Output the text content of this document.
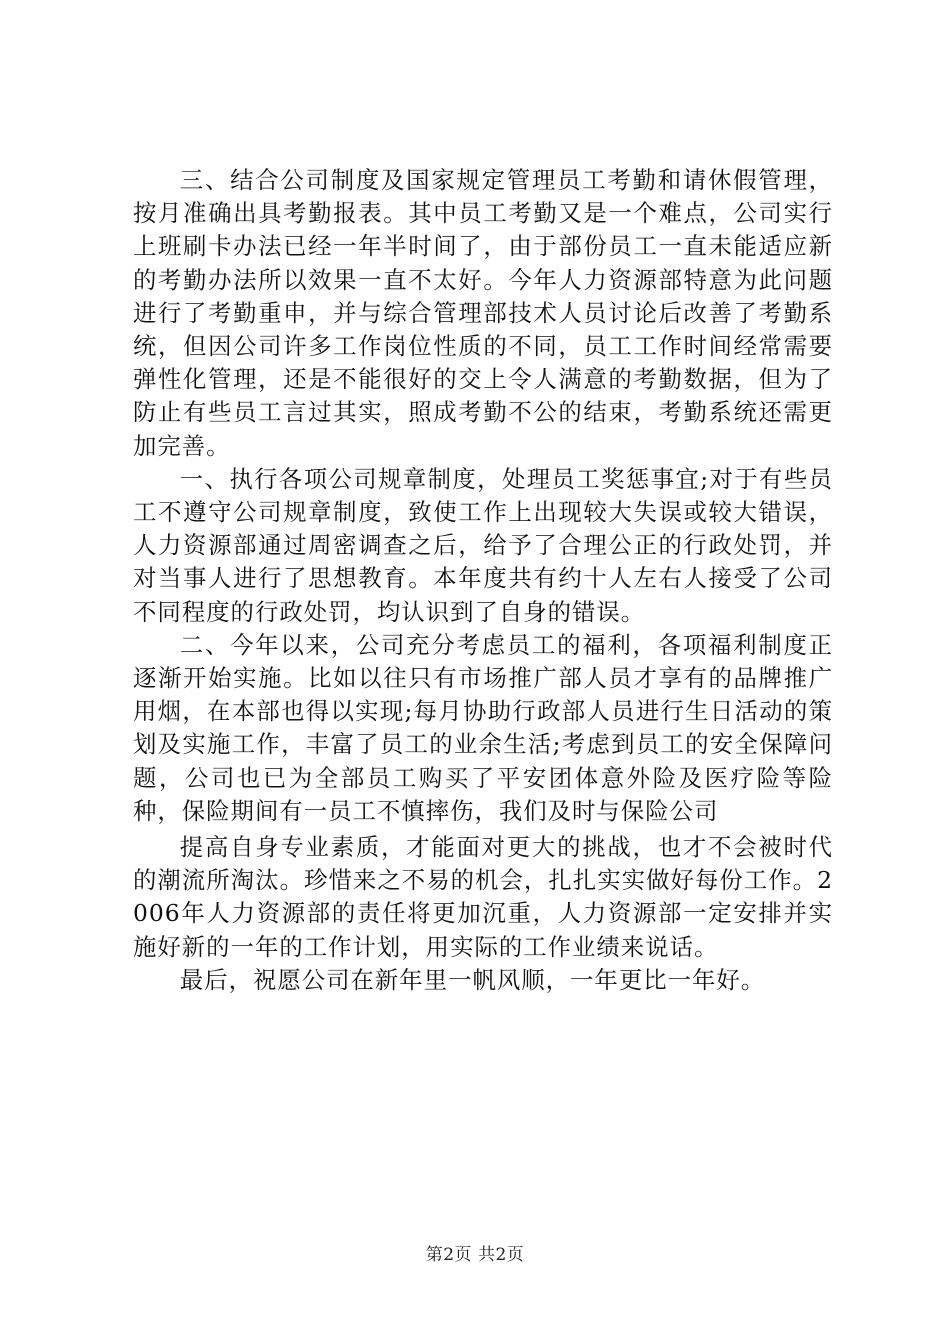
三、结合公司制度及国家规定管理员工考勤和请休假管理，按月准确出具考勤报表。其中员工考勤又是一个难点，公司实行上班刷卡办法已经一年半时间了，由于部份员工一直未能适应新的考勤办法所以效果一直不太好。今年人力资源部特意为此问题进行了考勤重申，并与综合管理部技术人员讨论后改善了考勤系统，但因公司许多工作岗位性质的不同，员工工作时间经常需要弹性化管理，还是不能很好的交上令人满意的考勤数据，但为了防止有些员工言过其实，照成考勤不公的结束，考勤系统还需更加完善。

一、执行各项公司规章制度，处理员工奖惩事宜;对于有些员工不遵守公司规章制度，致使工作上出现较大失误或较大错误，人力资源部通过周密调查之后，给予了合理公正的行政处罚，并对当事人进行了思想教育。本年度共有约十人左右人接受了公司不同程度的行政处罚，均认识到了自身的错误。

二、今年以来，公司充分考虑员工的福利，各项福利制度正逐渐开始实施。比如以往只有市场推广部人员才享有的品牌推广用烟，在本部也得以实现;每月协助行政部人员进行生日活动的策划及实施工作，丰富了员工的业余生活;考虑到员工的安全保障问题，公司也已为全部员工购买了平安团体意外险及医疗险等险种，保险期间有一员工不慎摔伤，我们及时与保险公司

提高自身专业素质，才能面对更大的挑战，也才不会被时代的潮流所淘汰。珍惜来之不易的机会，扎扎实实做好每份工作。2006年人力资源部的责任将更加沉重，人力资源部一定安排并实施好新的一年的工作计划，用实际的工作业绩来说话。

最后，祝愿公司在新年里一帆风顺，一年更比一年好。

第2页 共2页
